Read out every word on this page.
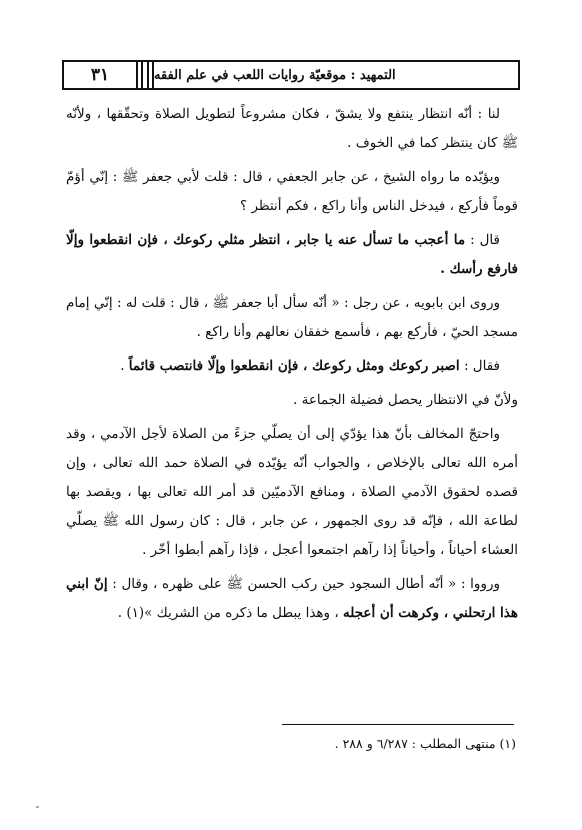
٣١	التمهيد : موقعيّة روايات اللعب في علم الفقه

لنا : أنّه انتظار ينتفع ولا يشقّ ، فكان مشروعاً لتطويل الصلاة وتحقّقها ، ولأنّه ﷺ كان ينتظر كما في الخوف .

ويؤيّده ما رواه الشيخ ، عن جابر الجعفي ، قال : قلت لأبي جعفر ﷺ : إنّي أؤمّ قوماً فأركع ، فيدخل الناس وأنا راكع ، فكم أنتظر ؟

قال : ما أعجب ما تسأل عنه يا جابر ، انتظر مثلي ركوعك ، فإن انقطعوا وإلّا فارفع رأسك .

وروى ابن بابويه ، عن رجل : « أنّه سأل أبا جعفر ﷺ ، قال : قلت له : إنّي إمام مسجد الحيّ ، فأركع بهم ، فأسمع خفقان نعالهم وأنا راكع .

فقال : اصبر ركوعك ومثل ركوعك ، فإن انقطعوا وإلّا فانتصب قائماً .

ولأنّ في الانتظار يحصل فضيلة الجماعة .

واحتجّ المخالف بأنّ هذا يؤدّي إلى أن يصلّي جزءً من الصلاة لأجل الآدمي ، وقد أمره الله تعالى بالإخلاص ، والجواب أنّه يؤيّده في الصلاة حمد الله تعالى ، وإن قصده لحقوق الآدمي الصلاة ، ومنافع الآدميّين قد أمر الله تعالى بها ، ويقصد بها لطاعة الله ، فإنّه قد روى الجمهور ، عن جابر ، قال : كان رسول الله ﷺ يصلّي العشاء أحياناً ، وأحياناً إذا رآهم اجتمعوا أعجل ، فإذا رآهم أبطوا أخّر .

ورووا : « أنّه أطال السجود حين ركب الحسن ﷺ على ظهره ، وقال : إنّ ابني هذا ارتحلني ، وكرهت أن أعجله ، وهذا يبطل ما ذكره من الشريك »(١) .

(١) منتهى المطلب : ٦/٢٨٧ و ٢٨٨ .
